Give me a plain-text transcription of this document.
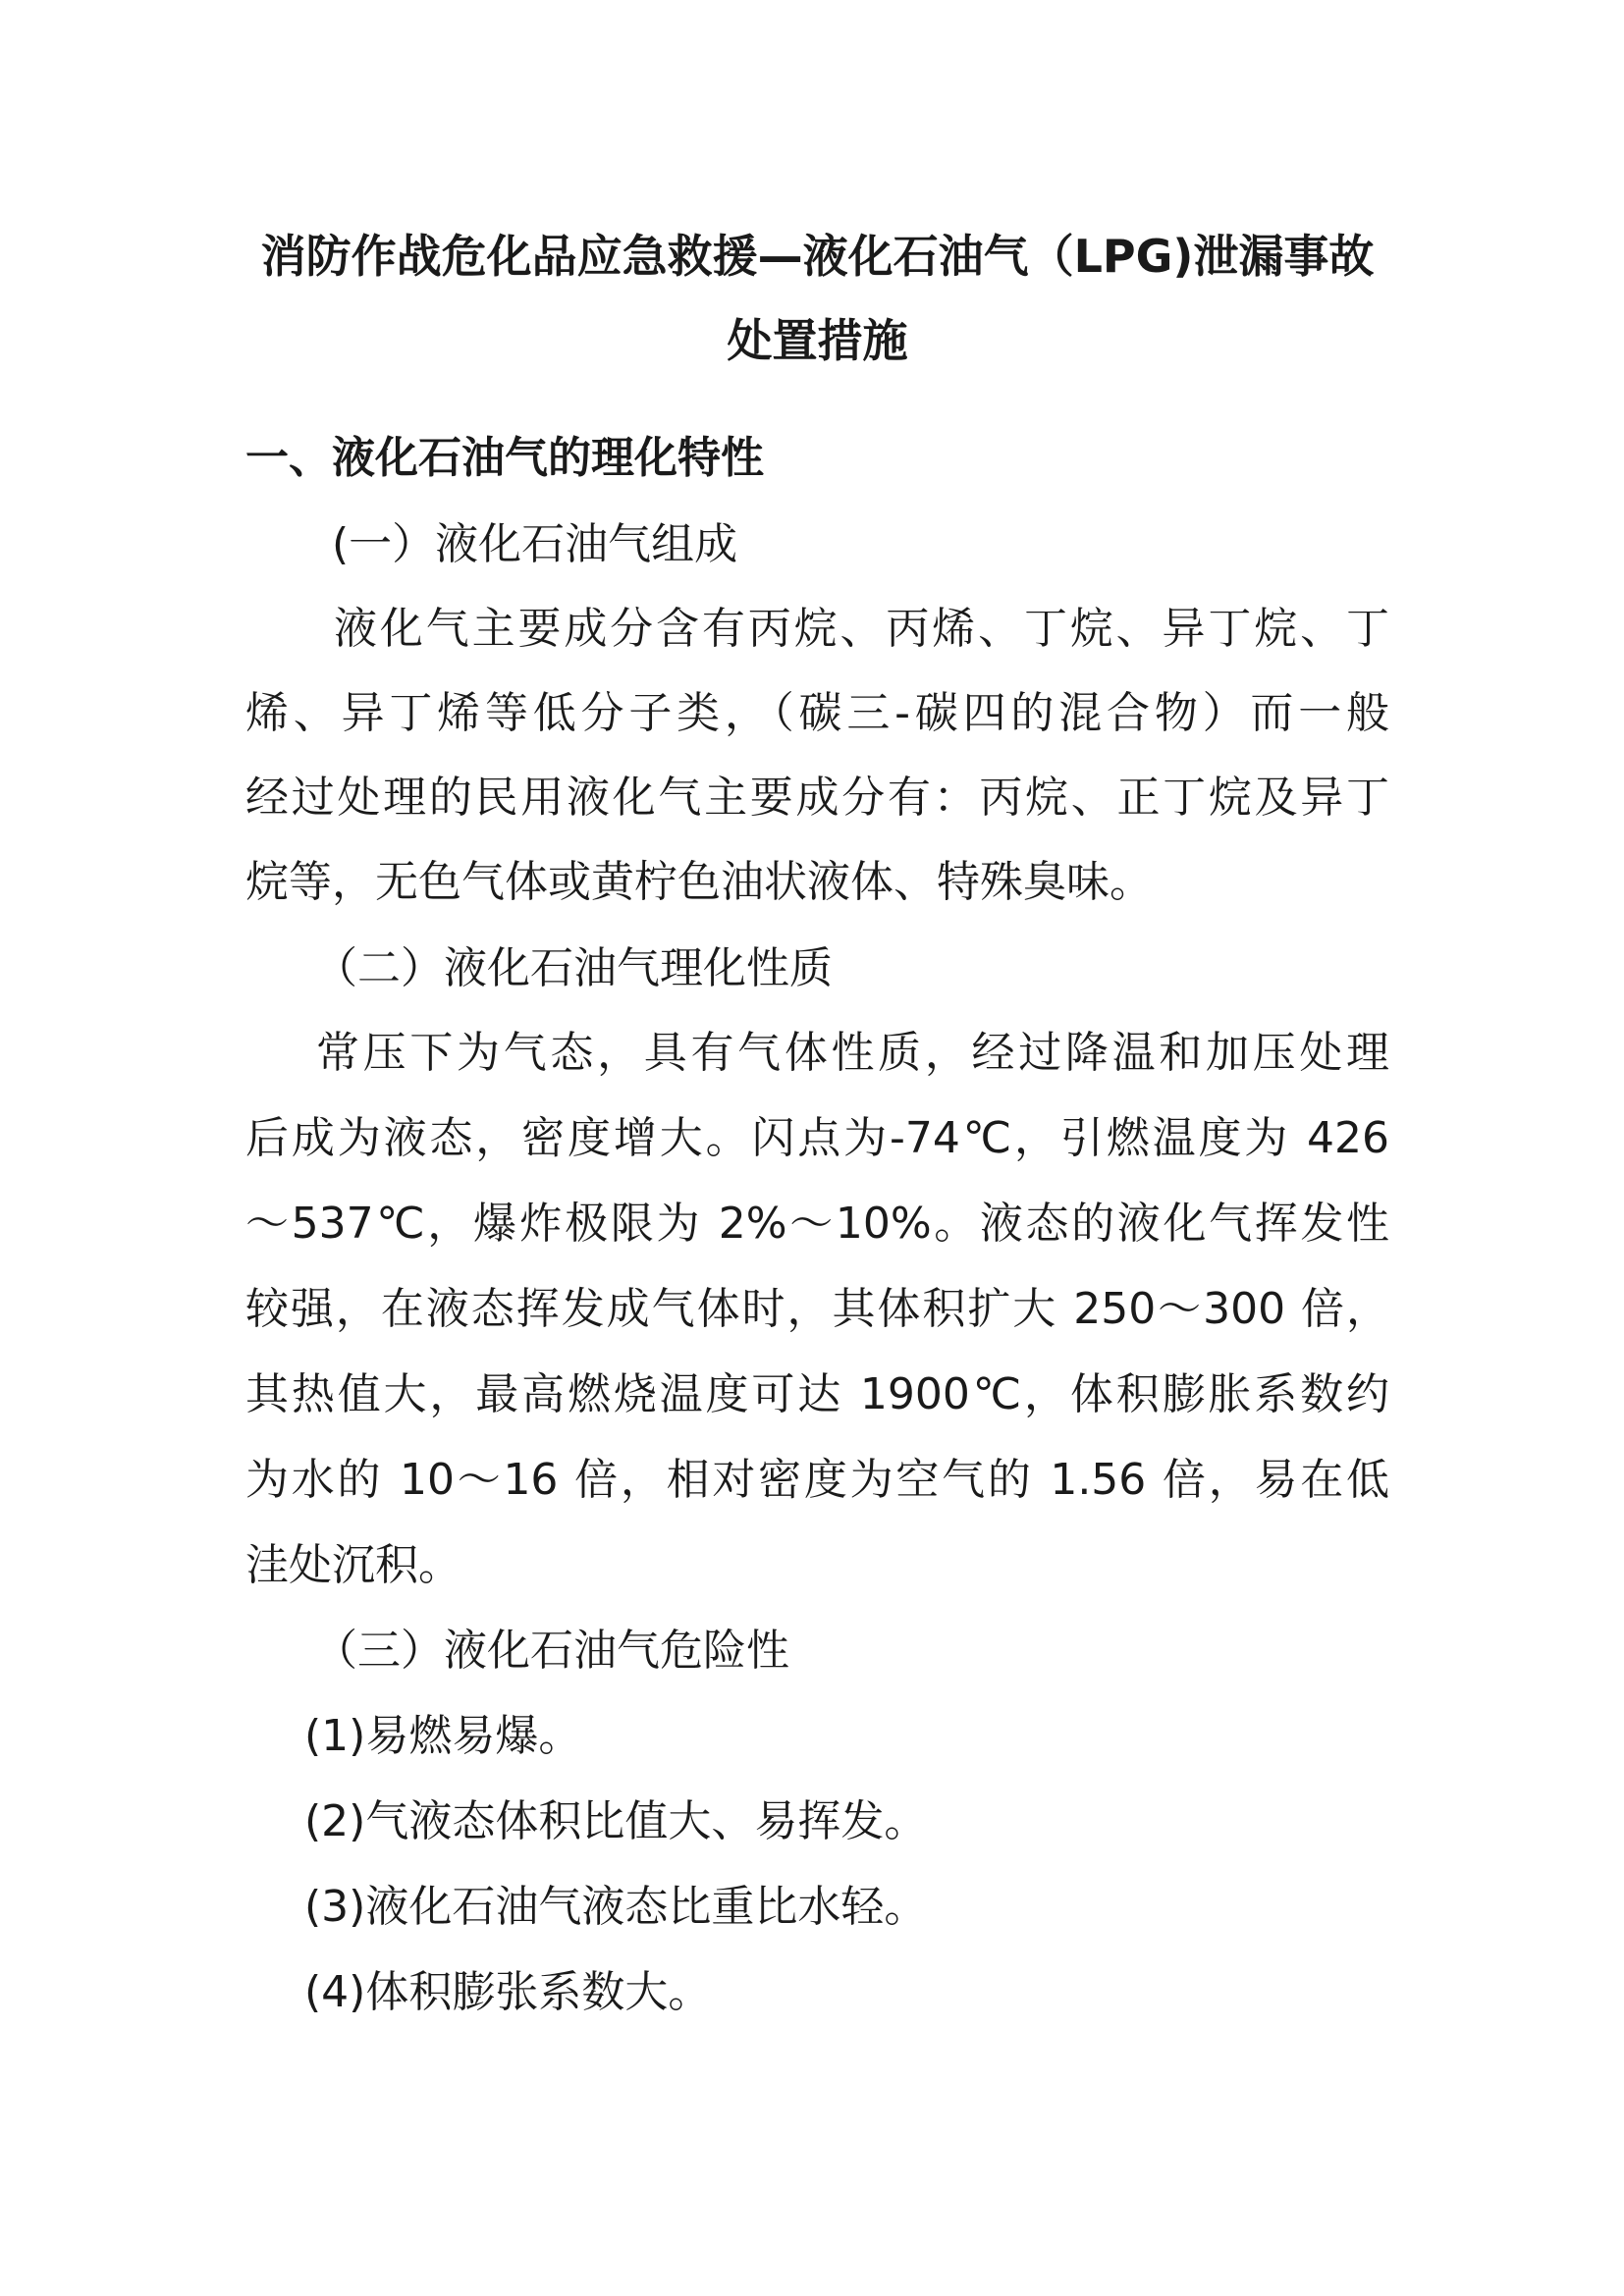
消防作战危化品应急救援—液化石油气（LPG)泄漏事故
处置措施
一、液化石油气的理化特性
(一）液化石油气组成
液化气主要成分含有丙烷、丙烯、丁烷、异丁烷、丁
烯、异丁烯等低分子类，（碳三-碳四的混合物）而一般
经过处理的民用液化气主要成分有：丙烷、正丁烷及异丁
烷等，无色气体或黄柠色油状液体、特殊臭味。
（二）液化石油气理化性质
常压下为气态，具有气体性质，经过降温和加压处理
后成为液态，密度增大。闪点为-74℃，引燃温度为 426
～537℃，爆炸极限为 2%～10%。液态的液化气挥发性
较强，在液态挥发成气体时，其体积扩大 250～300 倍，
其热值大，最高燃烧温度可达 1900℃，体积膨胀系数约
为水的 10～16 倍，相对密度为空气的 1.56 倍，易在低
洼处沉积。
（三）液化石油气危险性
(1)易燃易爆。
(2)气液态体积比值大、易挥发。
(3)液化石油气液态比重比水轻。
(4)体积膨张系数大。
